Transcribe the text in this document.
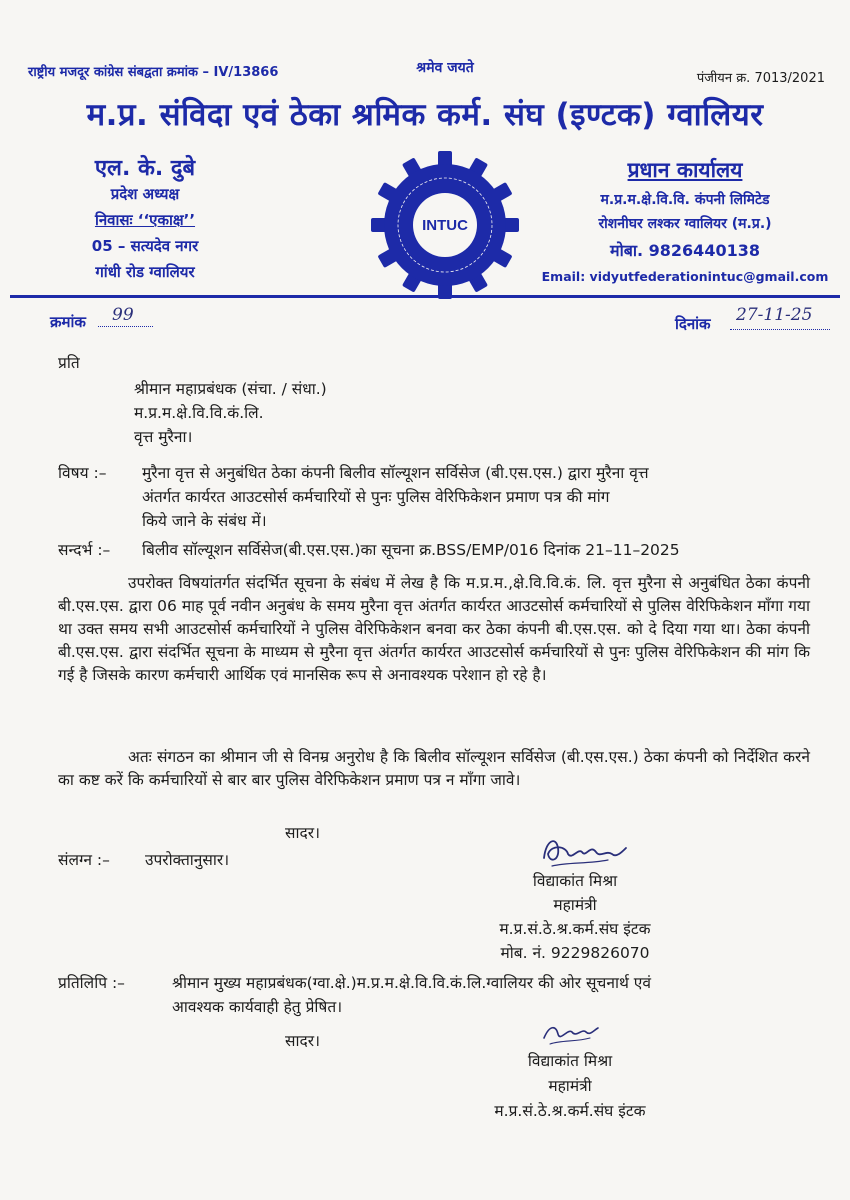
राष्ट्रीय मजदूर कांग्रेस संबद्वता क्रमांक – IV/13866	श्रमेव जयते
पंजीयन क्र. 7013/2021
म.प्र. संविदा एवं ठेका श्रमिक कर्म. संघ (इण्टक) ग्वालियर
एल. के. दुबे
प्रदेश अध्यक्ष
निवासः ‘‘एकाक्ष’’
05 – सत्यदेव नगर
गांधी रोड ग्वालियर
INTUC
प्रधान कार्यालय
म.प्र.म.क्षे.वि.वि. कंपनी लिमिटेड
रोशनीघर लश्कर ग्वालियर (म.प्र.)
मोबा. 9826440138
Email: vidyutfederationintuc@gmail.com
क्रमांक 99	दिनांक 27-11-25
प्रति
श्रीमान महाप्रबंधक (संचा. / संधा.)
म.प्र.म.क्षे.वि.वि.कं.लि.
वृत्त मुरैना।
विषय :– मुरैना वृत्त से अनुबंधित ठेका कंपनी बिलीव सॉल्यूशन सर्विसेज (बी.एस.एस.) द्वारा मुरैना वृत्त
अंतर्गत कार्यरत आउटसोर्स कर्मचारियों से पुनः पुलिस वेरिफिकेशन प्रमाण पत्र की मांग
किये जाने के संबंध में।
सन्दर्भ :– बिलीव सॉल्यूशन सर्विसेज(बी.एस.एस.)का सूचना क्र.BSS/EMP/016 दिनांक 21–11–2025
उपरोक्त विषयांतर्गत संदर्भित सूचना के संबंध में लेख है कि म.प्र.म.,क्षे.वि.वि.कं. लि. वृत्त मुरैना से अनुबंधित ठेका कंपनी बी.एस.एस. द्वारा 06 माह पूर्व नवीन अनुबंध के समय मुरैना वृत्त अंतर्गत कार्यरत आउटसोर्स कर्मचारियों से पुलिस वेरिफिकेशन माँगा गया था उक्त समय सभी आउटसोर्स कर्मचारियों ने पुलिस वेरिफिकेशन बनवा कर ठेका कंपनी बी.एस.एस. को दे दिया गया था। ठेका कंपनी बी.एस.एस. द्वारा संदर्भित सूचना के माध्यम से मुरैना वृत्त अंतर्गत कार्यरत आउटसोर्स कर्मचारियों से पुनः पुलिस वेरिफिकेशन की मांग कि गई है जिसके कारण कर्मचारी आर्थिक एवं मानसिक रूप से अनावश्यक परेशान हो रहे है।
अतः संगठन का श्रीमान जी से विनम्र अनुरोध है कि बिलीव सॉल्यूशन सर्विसेज (बी.एस.एस.) ठेका कंपनी को निर्देशित करने का कष्ट करें कि कर्मचारियों से बार बार पुलिस वेरिफिकेशन प्रमाण पत्र न माँगा जावे।
सादर।
संलग्न :– उपरोक्तानुसार।
विद्याकांत मिश्रा
महामंत्री
म.प्र.सं.ठे.श्र.कर्म.संघ इंटक
मोब. नं. 9229826070
प्रतिलिपि :–	श्रीमान मुख्य महाप्रबंधक(ग्वा.क्षे.)म.प्र.म.क्षे.वि.वि.कं.लि.ग्वालियर की ओर सूचनार्थ एवं
आवश्यक कार्यवाही हेतु प्रेषित।
सादर।
विद्याकांत मिश्रा
महामंत्री
म.प्र.सं.ठे.श्र.कर्म.संघ इंटक
